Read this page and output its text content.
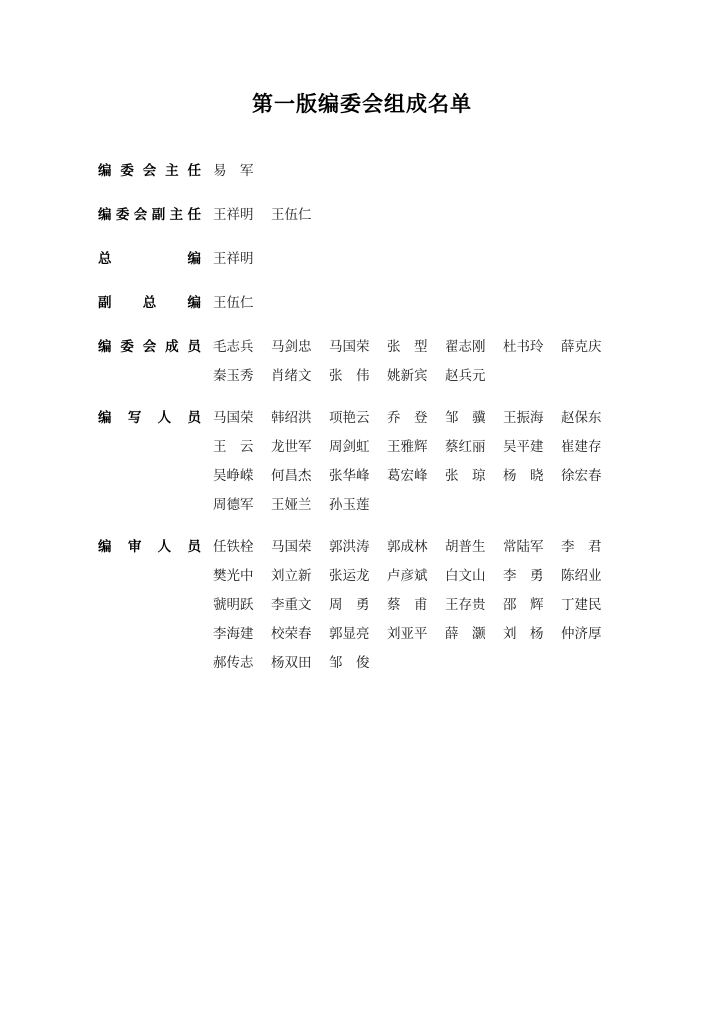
第一版编委会组成名单
编委会主任 易　军
编委会副主任 王祥明	王伍仁
总编 王祥明
副总编 王伍仁
编委会成员 毛志兵	马剑忠	马国荣	张　型	翟志刚	杜书玲	薛克庆
秦玉秀	肖绪文	张　伟	姚新宾	赵兵元
编写人员 马国荣	韩绍洪	项艳云	乔　登	邹　骥	王振海	赵保东
王　云	龙世军	周剑虹	王雅辉	蔡红丽	吴平建	崔建存
吴峥嵘	何昌杰	张华峰	葛宏峰	张　琼	杨　晓	徐宏春
周德军	王娅兰	孙玉莲
编审人员 任铁栓	马国荣	郭洪涛	郭成林	胡普生	常陆军	李　君
樊光中	刘立新	张运龙	卢彦斌	白文山	李　勇	陈绍业
虢明跃	李重文	周　勇	蔡　甫	王存贵	邵　辉	丁建民
李海建	校荣春	郭显亮	刘亚平	薛　灏	刘　杨	仲济厚
郝传志	杨双田	邹　俊
